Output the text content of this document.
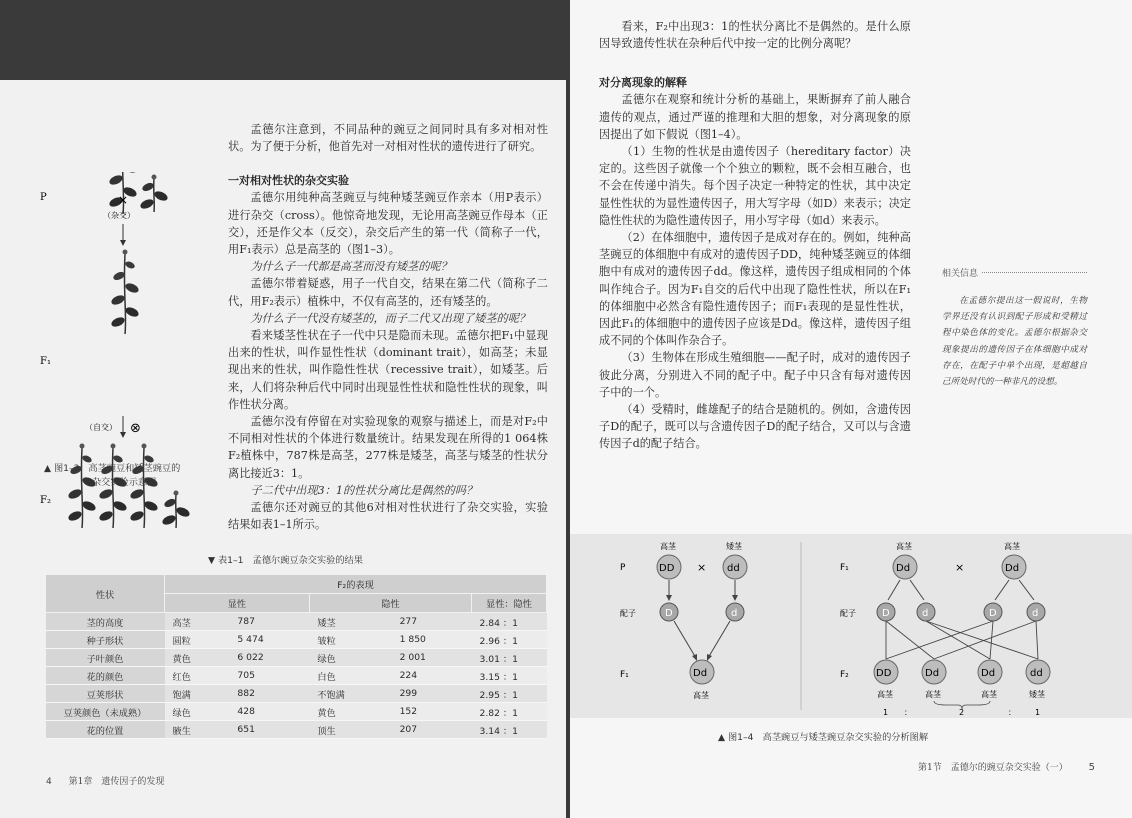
P	×
（杂交）
F₁
（自交） ⊗
F₂
▲ 图1–3 高茎豌豆和矮茎豌豆的
杂交实验示意图

孟德尔注意到，不同品种的豌豆之间同时具有多对相对性状。为了便于分析，他首先对一对相对性状的遗传进行了研究。

一对相对性状的杂交实验

孟德尔用纯种高茎豌豆与纯种矮茎豌豆作亲本（用P表示）进行杂交（cross）。他惊奇地发现，无论用高茎豌豆作母本（正交），还是作父本（反交），杂交后产生的第一代（简称子一代，用F₁表示）总是高茎的（图1–3）。

为什么子一代都是高茎而没有矮茎的呢？

孟德尔带着疑惑，用子一代自交，结果在第二代（简称子二代，用F₂表示）植株中，不仅有高茎的，还有矮茎的。

为什么子一代没有矮茎的，而子二代又出现了矮茎的呢？

看来矮茎性状在子一代中只是隐而未现。孟德尔把F₁中显现出来的性状，叫作显性性状（dominant trait），如高茎；未显现出来的性状，叫作隐性性状（recessive trait），如矮茎。后来，人们将杂种后代中同时出现显性性状和隐性性状的现象，叫作性状分离。

孟德尔没有停留在对实验现象的观察与描述上，而是对F₂中不同相对性状的个体进行数量统计。结果发现在所得的1 064株F₂植株中，787株是高茎，277株是矮茎，高茎与矮茎的性状分离比接近3：1。

子二代中出现3：1的性状分离比是偶然的吗？

孟德尔还对豌豆的其他6对相对性状进行了杂交实验，实验结果如表1–1所示。

▼ 表1–1　孟德尔豌豆杂交实验的结果
性状	F₂的表现				
	显性		隐性		显性：隐性
茎的高度	高茎	787	矮茎	277	2.84 ：1
种子形状	圆粒	5 474	皱粒	1 850	2.96 ：1
子叶颜色	黄色	6 022	绿色	2 001	3.01 ：1
花的颜色	红色	705	白色	224	3.15 ：1
豆荚形状	饱满	882	不饱满	299	2.95 ：1
豆荚颜色（未成熟）	绿色	428	黄色	152	2.82 ：1
花的位置	腋生	651	顶生	207	3.14 ：1
4 第1章　遗传因子的发现

看来，F₂中出现3：1的性状分离比不是偶然的。是什么原因导致遗传性状在杂种后代中按一定的比例分离呢？

对分离现象的解释

孟德尔在观察和统计分析的基础上，果断摒弃了前人融合遗传的观点，通过严谨的推理和大胆的想象，对分离现象的原因提出了如下假说（图1–4）。

（1）生物的性状是由遗传因子（hereditary factor）决定的。这些因子就像一个个独立的颗粒，既不会相互融合，也不会在传递中消失。每个因子决定一种特定的性状，其中决定显性性状的为显性遗传因子，用大写字母（如D）来表示；决定隐性性状的为隐性遗传因子，用小写字母（如d）来表示。

（2）在体细胞中，遗传因子是成对存在的。例如，纯种高茎豌豆的体细胞中有成对的遗传因子DD，纯种矮茎豌豆的体细胞中有成对的遗传因子dd。像这样，遗传因子组成相同的个体叫作纯合子。因为F₁自交的后代中出现了隐性性状，所以在F₁的体细胞中必然含有隐性遗传因子；而F₁表现的是显性性状，因此F₁的体细胞中的遗传因子应该是Dd。像这样，遗传因子组成不同的个体叫作杂合子。

（3）生物体在形成生殖细胞——配子时，成对的遗传因子彼此分离，分别进入不同的配子中。配子中只含有每对遗传因子中的一个。

（4）受精时，雌雄配子的结合是随机的。例如，含遗传因子D的配子，既可以与含遗传因子D的配子结合，又可以与含遗传因子d的配子结合。

相关信息

在孟德尔提出这一假说时，生物学界还没有认识到配子形成和受精过程中染色体的变化。孟德尔根据杂交现象提出的遗传因子在体细胞中成对存在，在配子中单个出现，是超越自己所处时代的一种非凡的设想。

高茎	矮茎
P	DD × dd
配子	D	d
F₁	Dd
高茎
高茎	高茎
F₁	Dd	×	Dd
配子	D	d	D	d
F₂	DD	Dd	Dd	dd
高茎	高茎	高茎	矮茎
1 ：	2	： 1
▲ 图1–4　高茎豌豆与矮茎豌豆杂交实验的分析图解
第1节　孟德尔的豌豆杂交实验（一） 5
